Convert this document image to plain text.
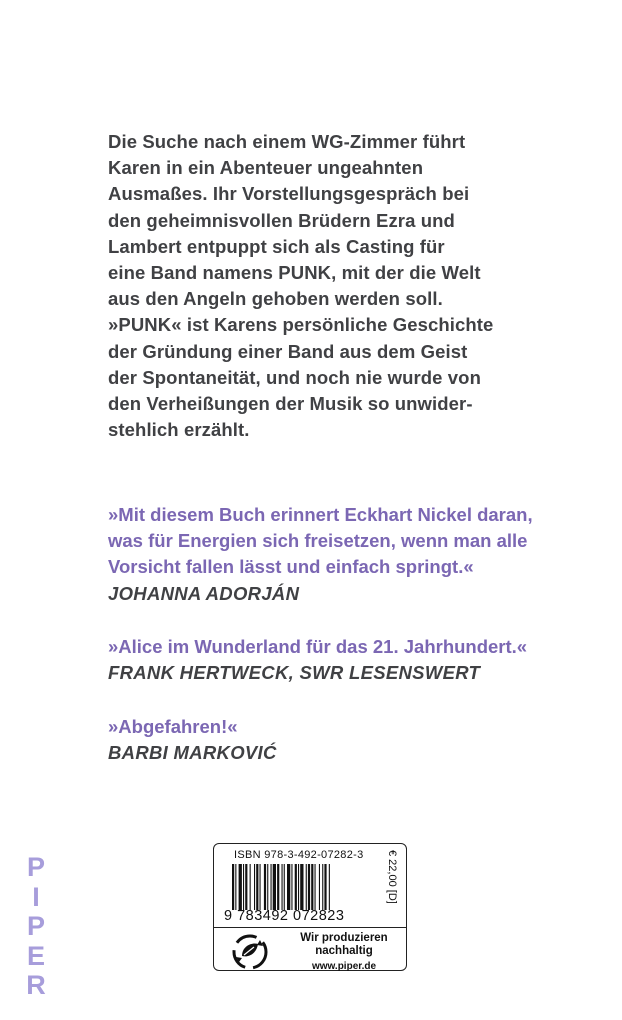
Die Suche nach einem WG-Zimmer führt
Karen in ein Abenteuer ungeahnten
Ausmaßes. Ihr Vorstellungsgespräch bei
den geheimnisvollen Brüdern Ezra und
Lambert entpuppt sich als Casting für
eine Band namens PUNK, mit der die Welt
aus den Angeln gehoben werden soll.
»PUNK« ist Karens persönliche Geschichte
der Gründung einer Band aus dem Geist
der Spontaneität, und noch nie wurde von
den Verheißungen der Musik so unwider-
stehlich erzählt.
»Mit diesem Buch erinnert Eckhart Nickel daran,
was für Energien sich freisetzen, wenn man alle
Vorsicht fallen lässt und einfach springt.«
JOHANNA ADORJÁN
»Alice im Wunderland für das 21. Jahrhundert.«
FRANK HERTWECK, SWR LESENSWERT
»Abgefahren!«
BARBI MARKOVIĆ
P
I
P
E
R
ISBN 978-3-492-07282-3
9 783492 072823
€ 22,00 [D]
Wir produzieren
nachhaltig
www.piper.de
